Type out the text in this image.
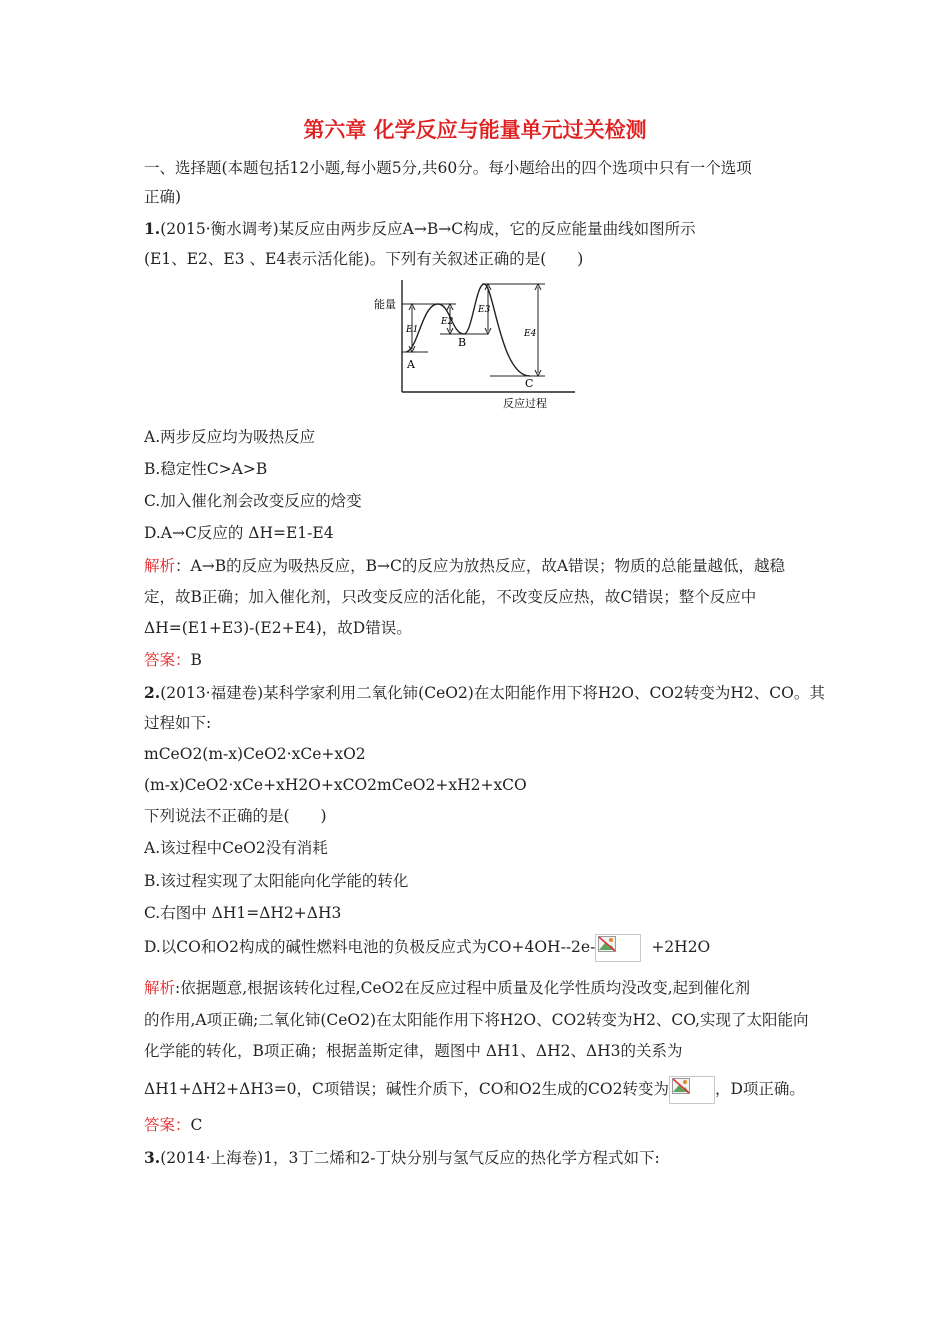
第六章 化学反应与能量单元过关检测
一、选择题(本题包括12小题,每小题5分,共60分。每小题给出的四个选项中只有一个选项
正确)
1.(2015·衡水调考)某反应由两步反应A→B→C构成，它的反应能量曲线如图所示
(E1、E2、E3 、E4表示活化能)。下列有关叙述正确的是(　　)
能量
反应过程
A
B
C
E1
E2
E3
E4
A.两步反应均为吸热反应
B.稳定性C>A>B
C.加入催化剂会改变反应的焓变
D.A→C反应的 ΔH=E1-E4
解析：A→B的反应为吸热反应，B→C的反应为放热反应，故A错误；物质的总能量越低，越稳
定，故B正确；加入催化剂，只改变反应的活化能，不改变反应热，故C错误；整个反应中
ΔH=(E1+E3)-(E2+E4)，故D错误。
答案：B
2.(2013·福建卷)某科学家利用二氧化铈(CeO2)在太阳能作用下将H2O、CO2转变为H2、CO。其
过程如下:
mCeO2(m-x)CeO2·xCe+xO2
(m-x)CeO2·xCe+xH2O+xCO2mCeO2+xH2+xCO
下列说法不正确的是(　　)
A.该过程中CeO2没有消耗
B.该过程实现了太阳能向化学能的转化
C.右图中 ΔH1=ΔH2+ΔH3
D.以CO和O2构成的碱性燃料电池的负极反应式为CO+4OH--2e-	+2H2O
解析:依据题意,根据该转化过程,CeO2在反应过程中质量及化学性质均没改变,起到催化剂
的作用,A项正确;二氧化铈(CeO2)在太阳能作用下将H2O、CO2转变为H2、CO,实现了太阳能向
化学能的转化，B项正确；根据盖斯定律，题图中 ΔH1、ΔH2、ΔH3的关系为
ΔH1+ΔH2+ΔH3=0，C项错误；碱性介质下，CO和O2生成的CO2转变为	，D项正确。
答案：C
3.(2014·上海卷)1，3丁二烯和2-丁炔分别与氢气反应的热化学方程式如下:
